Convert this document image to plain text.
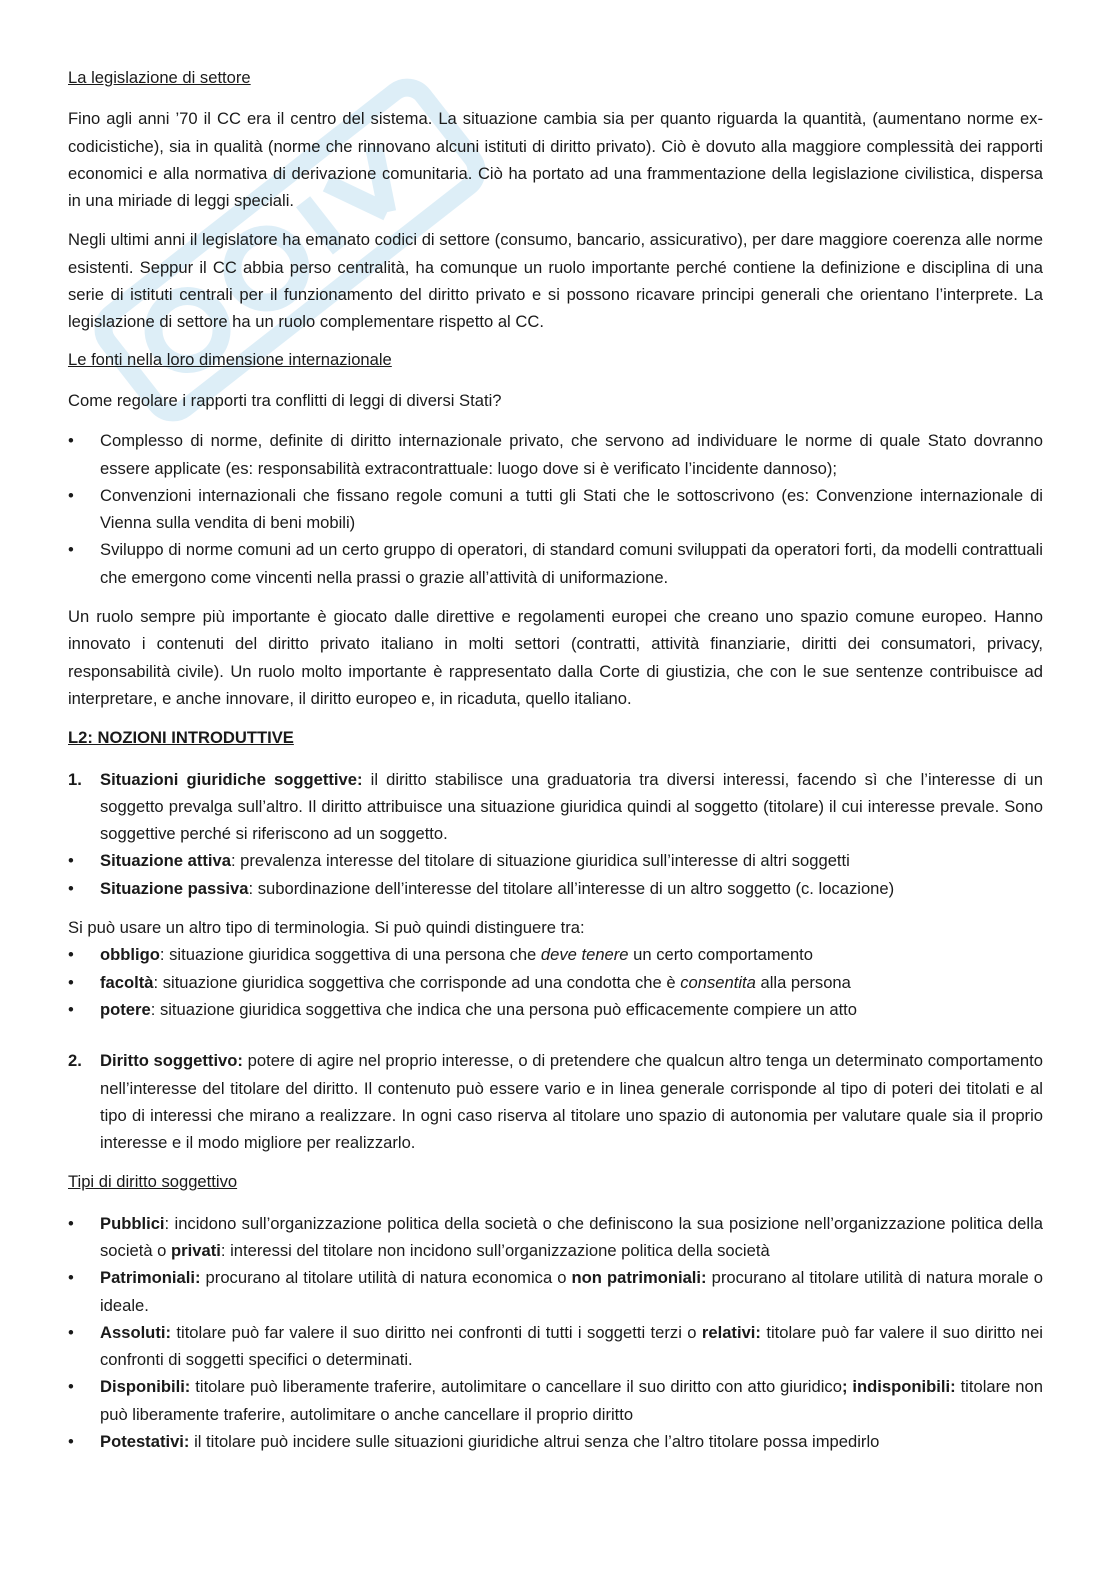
La legislazione di settore

Fino agli anni ’70 il CC era il centro del sistema. La situazione cambia sia per quanto riguarda la quantità, (aumentano norme ex-codicistiche), sia in qualità (norme che rinnovano alcuni istituti di diritto privato). Ciò è dovuto alla maggiore complessità dei rapporti economici e alla normativa di derivazione comunitaria. Ciò ha portato ad una frammentazione della legislazione civilistica, dispersa in una miriade di leggi speciali.

Negli ultimi anni il legislatore ha emanato codici di settore (consumo, bancario, assicurativo), per dare maggiore coerenza alle norme esistenti. Seppur il CC abbia perso centralità, ha comunque un ruolo importante perché contiene la definizione e disciplina di una serie di istituti centrali per il funzionamento del diritto privato e si possono ricavare principi generali che orientano l’interprete. La legislazione di settore ha un ruolo complementare rispetto al CC.

Le fonti nella loro dimensione internazionale

Come regolare i rapporti tra conflitti di leggi di diversi Stati?

•	Complesso di norme, definite di diritto internazionale privato, che servono ad individuare le norme di quale Stato dovranno essere applicate (es: responsabilità extracontrattuale: luogo dove si è verificato l’incidente dannoso);
•	Convenzioni internazionali che fissano regole comuni a tutti gli Stati che le sottoscrivono (es: Convenzione internazionale di Vienna sulla vendita di beni mobili)
•	Sviluppo di norme comuni ad un certo gruppo di operatori, di standard comuni sviluppati da operatori forti, da modelli contrattuali che emergono come vincenti nella prassi o grazie all’attività di uniformazione.

Un ruolo sempre più importante è giocato dalle direttive e regolamenti europei che creano uno spazio comune europeo. Hanno innovato i contenuti del diritto privato italiano in molti settori (contratti, attività finanziarie, diritti dei consumatori, privacy, responsabilità civile). Un ruolo molto importante è rappresentato dalla Corte di giustizia, che con le sue sentenze contribuisce ad interpretare, e anche innovare, il diritto europeo e, in ricaduta, quello italiano.

L2: NOZIONI INTRODUTTIVE

1. Situazioni giuridiche soggettive: il diritto stabilisce una graduatoria tra diversi interessi, facendo sì che l’interesse di un soggetto prevalga sull’altro. Il diritto attribuisce una situazione giuridica quindi al soggetto (titolare) il cui interesse prevale. Sono soggettive perché si riferiscono ad un soggetto.
•	Situazione attiva: prevalenza interesse del titolare di situazione giuridica sull’interesse di altri soggetti
•	Situazione passiva: subordinazione dell’interesse del titolare all’interesse di un altro soggetto (c. locazione)

Si può usare un altro tipo di terminologia. Si può quindi distinguere tra:

•	obbligo: situazione giuridica soggettiva di una persona che deve tenere un certo comportamento
•	facoltà: situazione giuridica soggettiva che corrisponde ad una condotta che è consentita alla persona
•	potere: situazione giuridica soggettiva che indica che una persona può efficacemente compiere un atto
2. Diritto soggettivo: potere di agire nel proprio interesse, o di pretendere che qualcun altro tenga un determinato comportamento nell’interesse del titolare del diritto. Il contenuto può essere vario e in linea generale corrisponde al tipo di poteri dei titolati e al tipo di interessi che mirano a realizzare. In ogni caso riserva al titolare uno spazio di autonomia per valutare quale sia il proprio interesse e il modo migliore per realizzarlo.

Tipi di diritto soggettivo

•	Pubblici: incidono sull’organizzazione politica della società o che definiscono la sua posizione nell’organizzazione politica della società o privati: interessi del titolare non incidono sull’organizzazione politica della società
•	Patrimoniali: procurano al titolare utilità di natura economica o non patrimoniali: procurano al titolare utilità di natura morale o ideale.
•	Assoluti: titolare può far valere il suo diritto nei confronti di tutti i soggetti terzi o relativi: titolare può far valere il suo diritto nei confronti di soggetti specifici o determinati.
•	Disponibili: titolare può liberamente traferire, autolimitare o cancellare il suo diritto con atto giuridico; indisponibili: titolare non può liberamente traferire, autolimitare o anche cancellare il proprio diritto
•	Potestativi: il titolare può incidere sulle situazioni giuridiche altrui senza che l’altro titolare possa impedirlo
